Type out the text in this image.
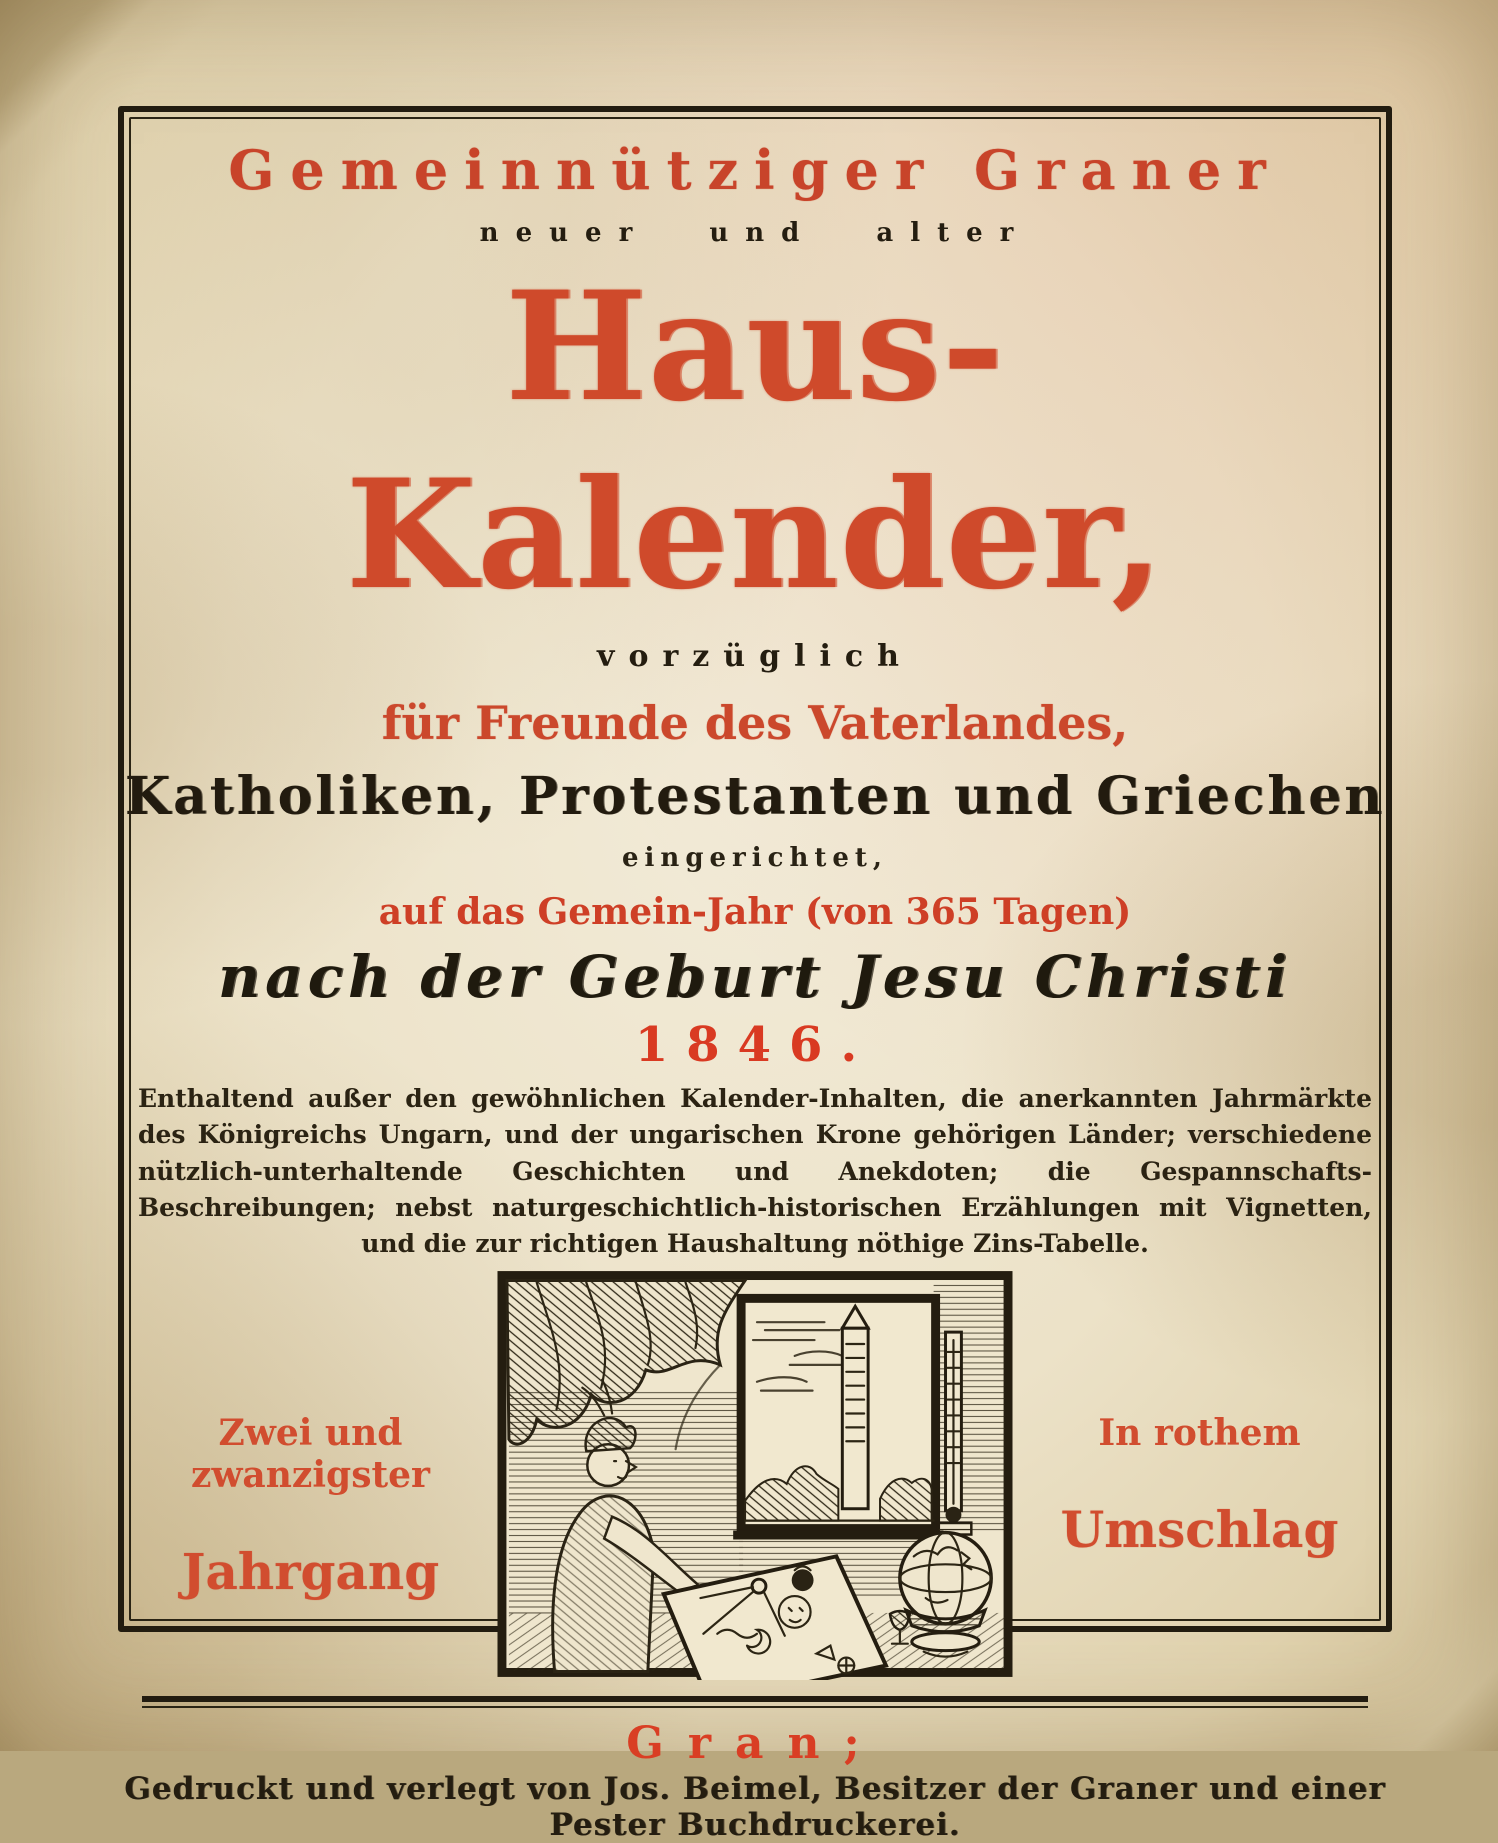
Gemeinnütziger Graner
neuer und alter
Haus-Kalender,
vorzüglich
für Freunde des Vaterlandes,
Katholiken, Protestanten und Griechen
eingerichtet,
auf das Gemein-Jahr (von 365 Tagen)
nach der Geburt Jesu Christi
1846.
Enthaltend außer den gewöhnlichen Kalender-Inhalten, die anerkannten Jahrmärkte des Königreichs Ungarn, und der ungarischen Krone gehörigen Länder; verschiedene nützlich-unterhaltende Geschichten und Anekdoten; die Gespannschafts-Beschreibungen; nebst naturgeschichtlich-historischen Erzählungen mit Vignetten, und die zur richtigen Haushaltung nöthige Zins-Tabelle.
Zwei und zwanzigster
Jahrgang
In rothem
Umschlag
Gran;
Gedruckt und verlegt von Jos. Beimel, Besitzer der Graner und einer Pester Buchdruckerei.
